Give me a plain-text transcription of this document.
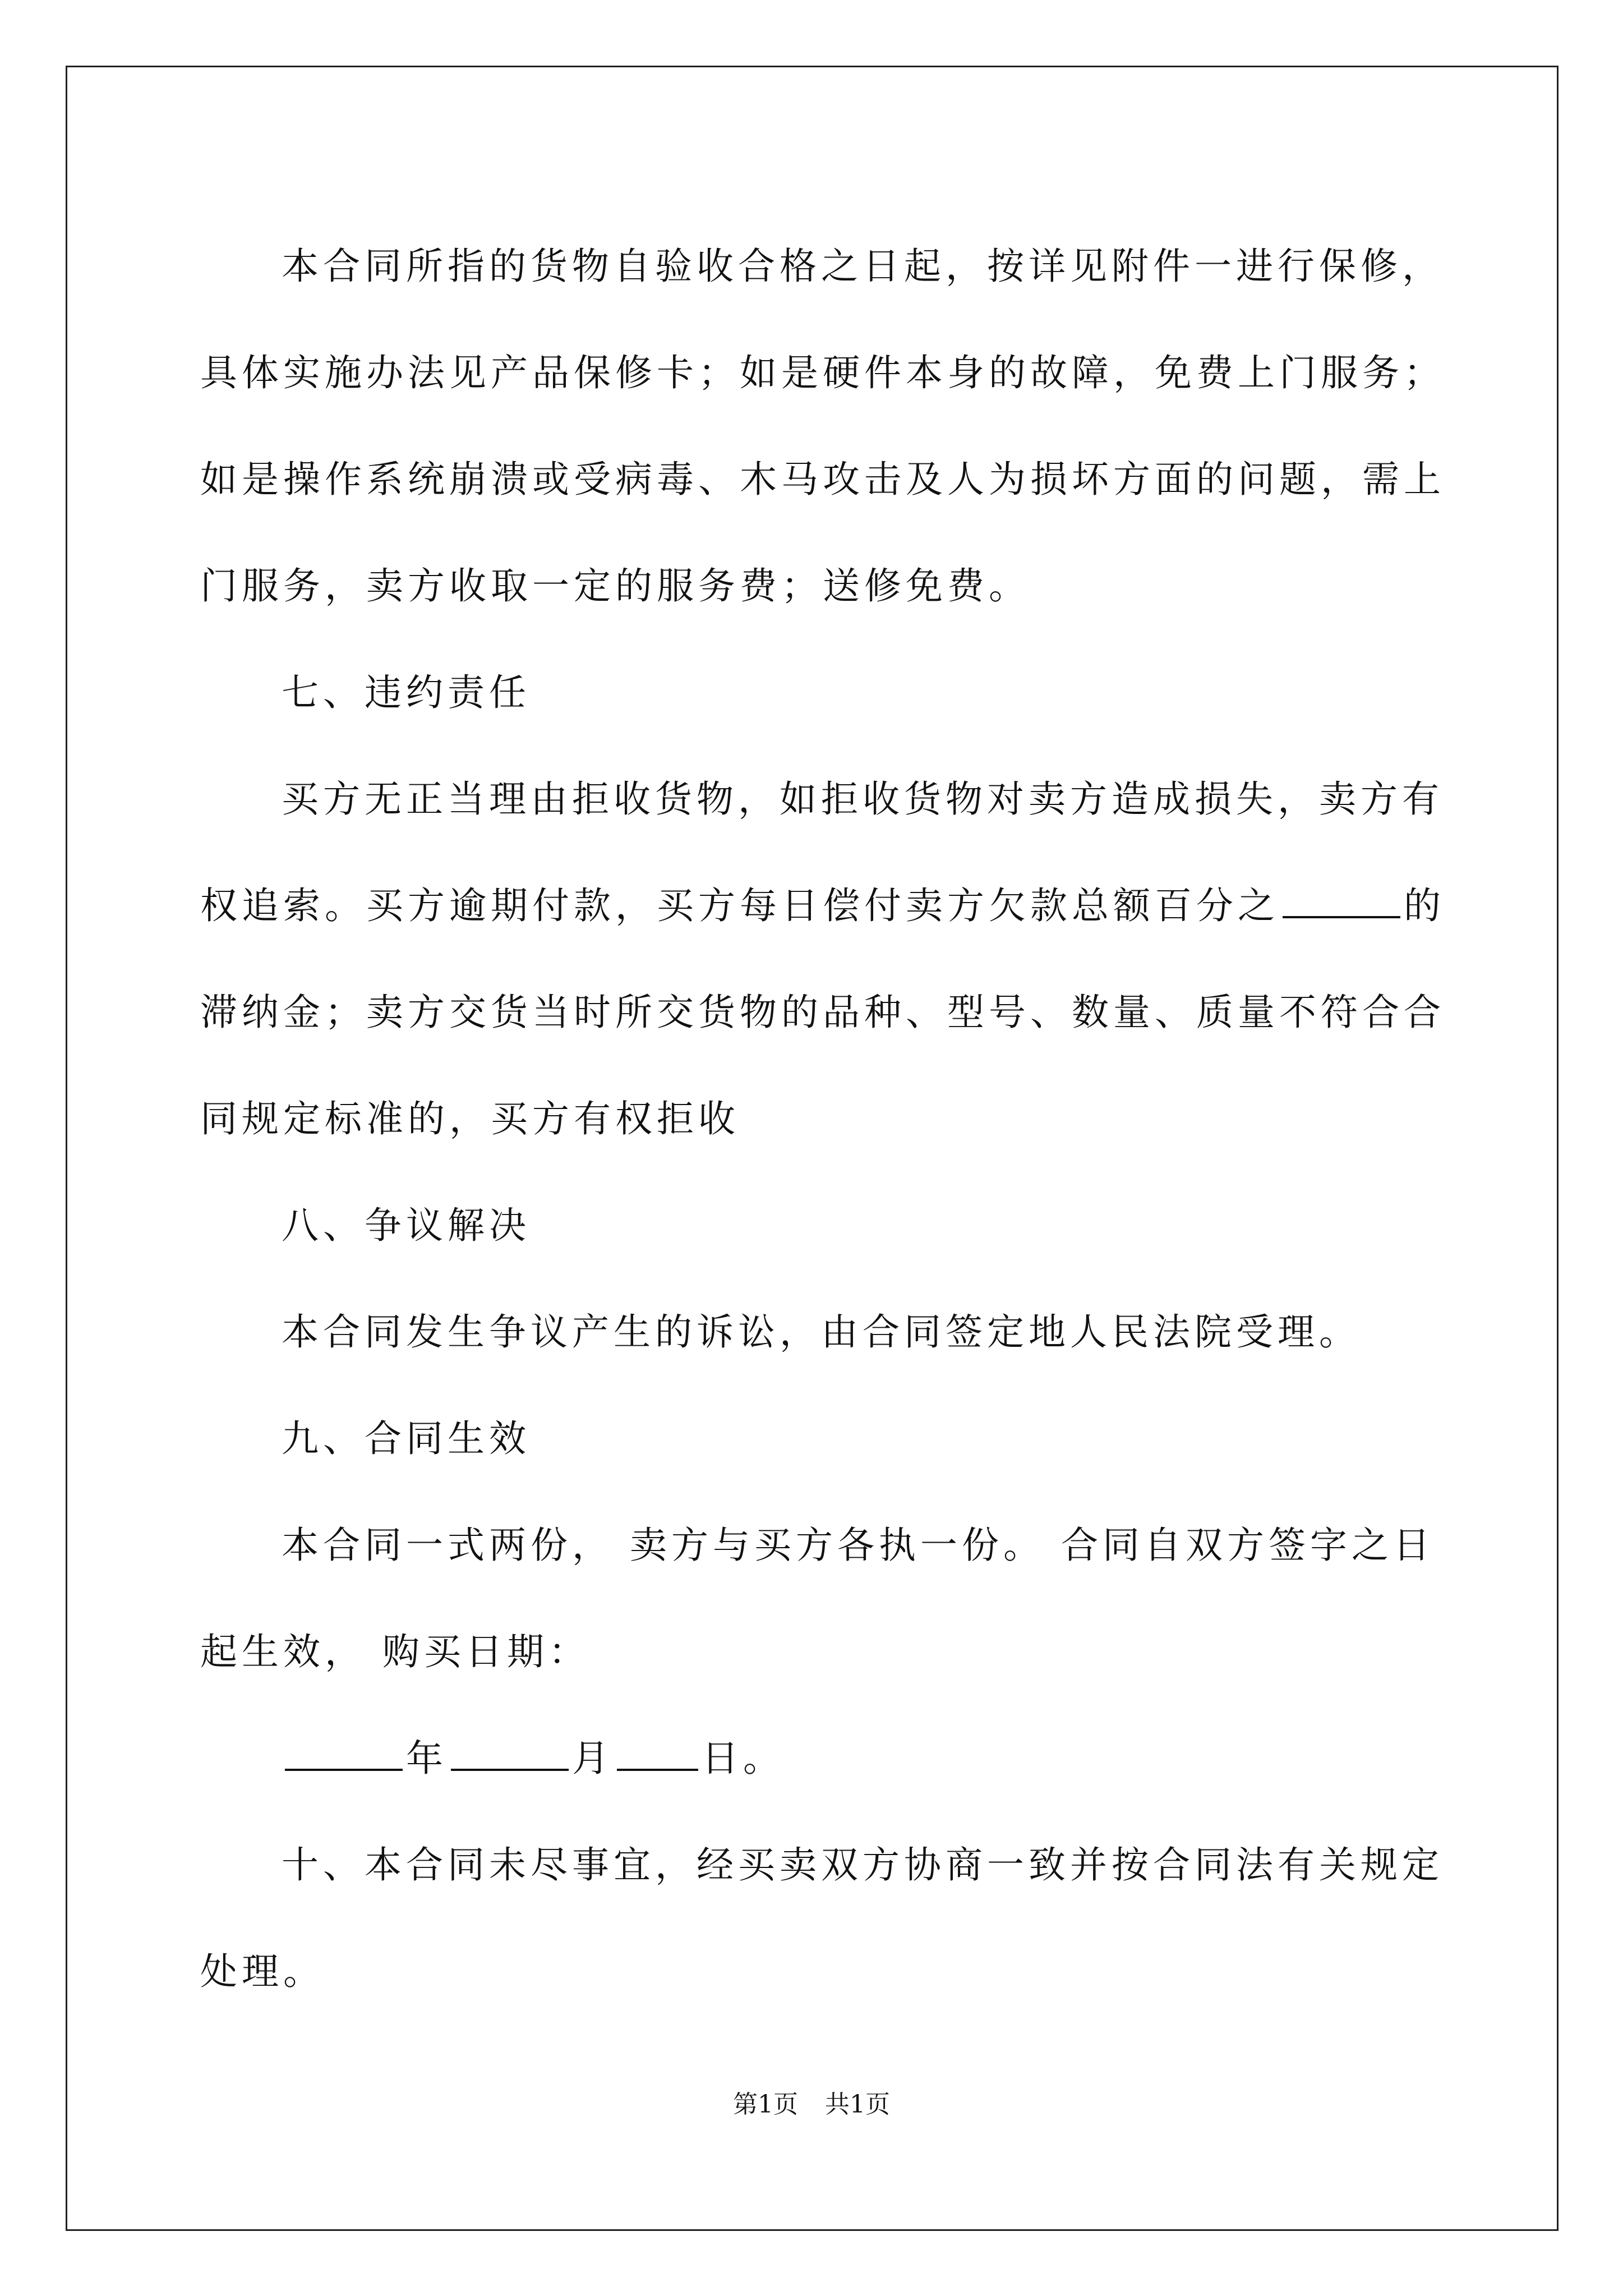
本合同所指的货物自验收合格之日起，按详见附件一进行保修，

具体实施办法见产品保修卡；如是硬件本身的故障，免费上门服务；

如是操作系统崩溃或受病毒、木马攻击及人为损坏方面的问题，需上

门服务，卖方收取一定的服务费；送修免费。

七、违约责任

买方无正当理由拒收货物，如拒收货物对卖方造成损失，卖方有

权追索。买方逾期付款，买方每日偿付卖方欠款总额百分之	的

滞纳金；卖方交货当时所交货物的品种、型号、数量、质量不符合合

同规定标准的，买方有权拒收

八、争议解决

本合同发生争议产生的诉讼，由合同签定地人民法院受理。

九、合同生效

本合同一式两份， 卖方与买方各执一份。 合同自双方签字之日

起生效， 购买日期：

年	月 日。

十、本合同未尽事宜，经买卖双方协商一致并按合同法有关规定

处理。

第1页 共1页
